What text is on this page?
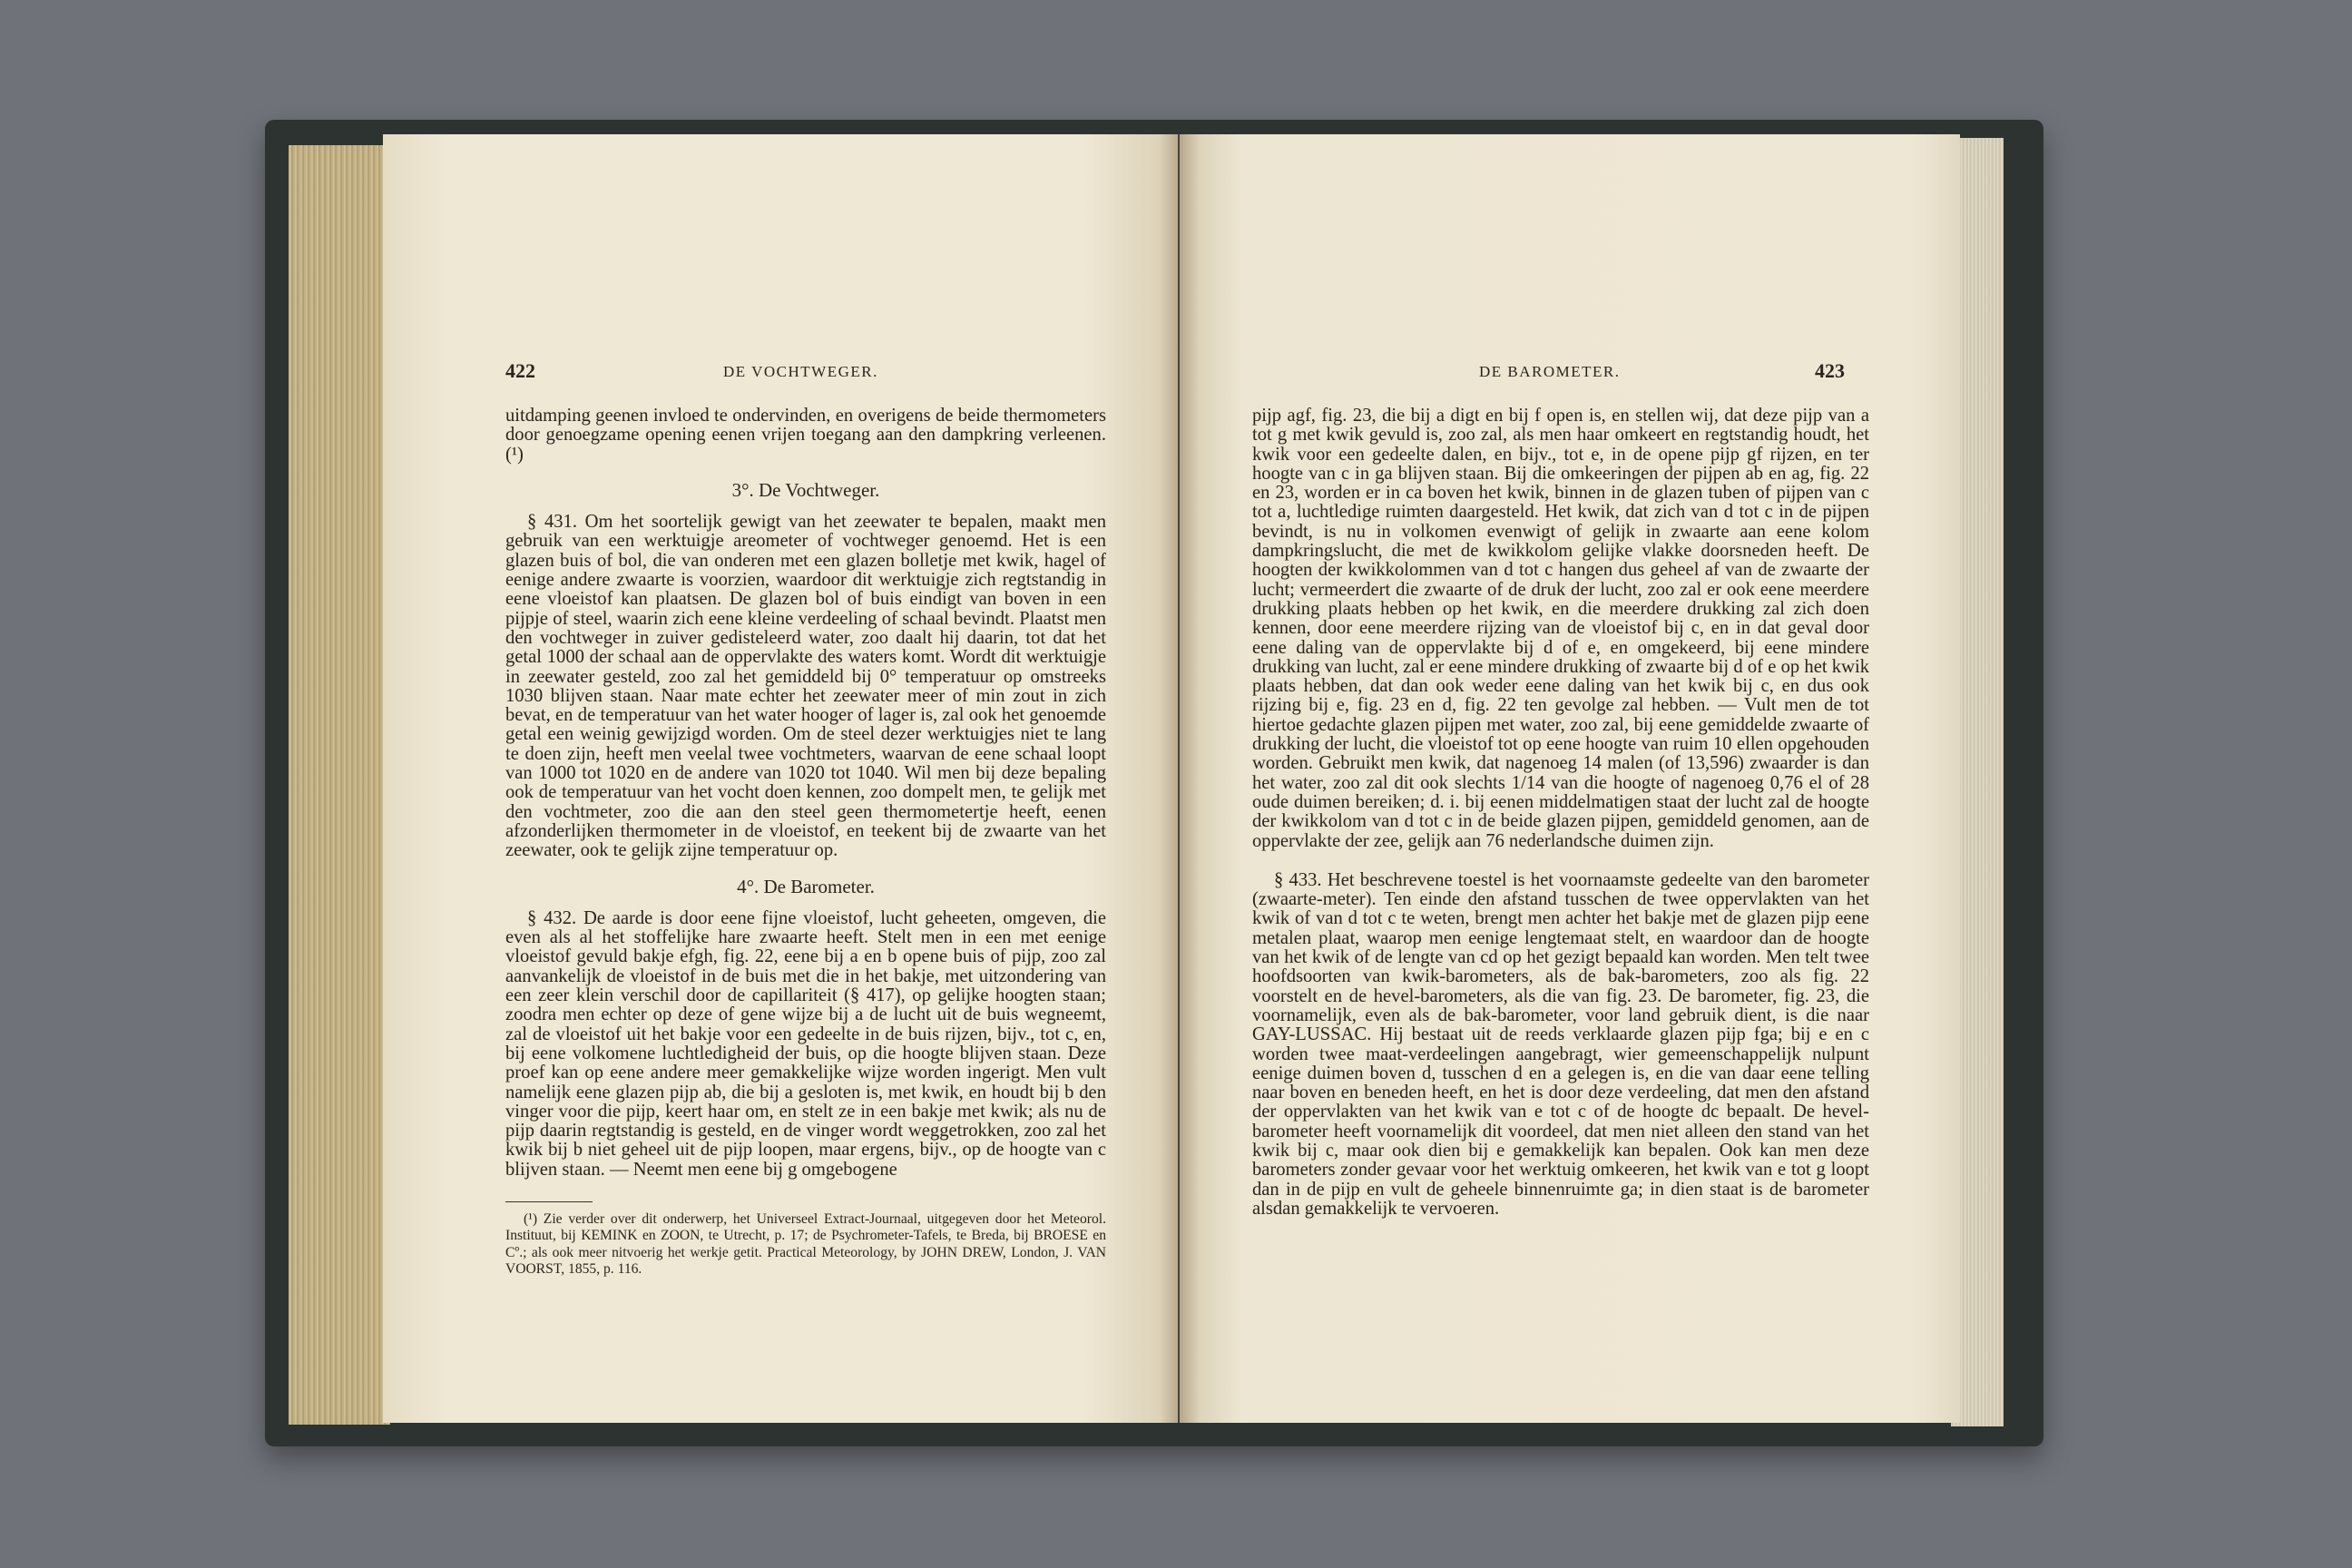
422	DE VOCHTWEGER.

uitdamping geenen invloed te ondervinden, en overigens de beide thermometers door genoegzame opening eenen vrijen toegang aan den dampkring verleenen. (¹)

3°. De Vochtweger.

§ 431. Om het soortelijk gewigt van het zeewater te bepalen, maakt men gebruik van een werktuigje areometer of vochtweger genoemd. Het is een glazen buis of bol, die van onderen met een glazen bolletje met kwik, hagel of eenige andere zwaarte is voorzien, waardoor dit werktuigje zich regtstandig in eene vloeistof kan plaatsen. De glazen bol of buis eindigt van boven in een pijpje of steel, waarin zich eene kleine verdeeling of schaal bevindt. Plaatst men den vochtweger in zuiver gedisteleerd water, zoo daalt hij daarin, tot dat het getal 1000 der schaal aan de oppervlakte des waters komt. Wordt dit werktuigje in zeewater gesteld, zoo zal het gemiddeld bij 0° temperatuur op omstreeks 1030 blijven staan. Naar mate echter het zeewater meer of min zout in zich bevat, en de temperatuur van het water hooger of lager is, zal ook het genoemde getal een weinig gewijzigd worden. Om de steel dezer werktuigjes niet te lang te doen zijn, heeft men veelal twee vochtmeters, waarvan de eene schaal loopt van 1000 tot 1020 en de andere van 1020 tot 1040. Wil men bij deze bepaling ook de temperatuur van het vocht doen kennen, zoo dompelt men, te gelijk met den vochtmeter, zoo die aan den steel geen thermometertje heeft, eenen afzonderlijken thermometer in de vloeistof, en teekent bij de zwaarte van het zeewater, ook te gelijk zijne temperatuur op.

4°. De Barometer.

§ 432. De aarde is door eene fijne vloeistof, lucht geheeten, omgeven, die even als al het stoffelijke hare zwaarte heeft. Stelt men in een met eenige vloeistof gevuld bakje efgh, fig. 22, eene bij a en b opene buis of pijp, zoo zal aanvankelijk de vloeistof in de buis met die in het bakje, met uitzondering van een zeer klein verschil door de capillariteit (§ 417), op gelijke hoogten staan; zoodra men echter op deze of gene wijze bij a de lucht uit de buis wegneemt, zal de vloeistof uit het bakje voor een gedeelte in de buis rijzen, bijv., tot c, en, bij eene volkomene luchtledigheid der buis, op die hoogte blijven staan. Deze proef kan op eene andere meer gemakkelijke wijze worden ingerigt. Men vult namelijk eene glazen pijp ab, die bij a gesloten is, met kwik, en houdt bij b den vinger voor die pijp, keert haar om, en stelt ze in een bakje met kwik; als nu de pijp daarin regtstandig is gesteld, en de vinger wordt weggetrokken, zoo zal het kwik bij b niet geheel uit de pijp loopen, maar ergens, bijv., op de hoogte van c blijven staan. — Neemt men eene bij g omgebogene

(¹) Zie verder over dit onderwerp, het Universeel Extract-Journaal, uitgegeven door het Meteorol. Instituut, bij KEMINK en ZOON, te Utrecht, p. 17; de Psychrometer-Tafels, te Breda, bij BROESE en Cº.; als ook meer nitvoerig het werkje getit. Practical Meteorology, by JOHN DREW, London, J. VAN VOORST, 1855, p. 116.

DE BAROMETER.	423

pijp agf, fig. 23, die bij a digt en bij f open is, en stellen wij, dat deze pijp van a tot g met kwik gevuld is, zoo zal, als men haar omkeert en regtstandig houdt, het kwik voor een gedeelte dalen, en bijv., tot e, in de opene pijp gf rijzen, en ter hoogte van c in ga blijven staan. Bij die omkeeringen der pijpen ab en ag, fig. 22 en 23, worden er in ca boven het kwik, binnen in de glazen tuben of pijpen van c tot a, luchtledige ruimten daargesteld. Het kwik, dat zich van d tot c in de pijpen bevindt, is nu in volkomen evenwigt of gelijk in zwaarte aan eene kolom dampkringslucht, die met de kwikkolom gelijke vlakke doorsneden heeft. De hoogten der kwikkolommen van d tot c hangen dus geheel af van de zwaarte der lucht; vermeerdert die zwaarte of de druk der lucht, zoo zal er ook eene meerdere drukking plaats hebben op het kwik, en die meerdere drukking zal zich doen kennen, door eene meerdere rijzing van de vloeistof bij c, en in dat geval door eene daling van de oppervlakte bij d of e, en omgekeerd, bij eene mindere drukking van lucht, zal er eene mindere drukking of zwaarte bij d of e op het kwik plaats hebben, dat dan ook weder eene daling van het kwik bij c, en dus ook rijzing bij e, fig. 23 en d, fig. 22 ten gevolge zal hebben. — Vult men de tot hiertoe gedachte glazen pijpen met water, zoo zal, bij eene gemiddelde zwaarte of drukking der lucht, die vloeistof tot op eene hoogte van ruim 10 ellen opgehouden worden. Gebruikt men kwik, dat nagenoeg 14 malen (of 13,596) zwaarder is dan het water, zoo zal dit ook slechts 1/14 van die hoogte of nagenoeg 0,76 el of 28 oude duimen bereiken; d. i. bij eenen middelmatigen staat der lucht zal de hoogte der kwikkolom van d tot c in de beide glazen pijpen, gemiddeld genomen, aan de oppervlakte der zee, gelijk aan 76 nederlandsche duimen zijn.

§ 433. Het beschrevene toestel is het voornaamste gedeelte van den barometer (zwaarte-meter). Ten einde den afstand tusschen de twee oppervlakten van het kwik of van d tot c te weten, brengt men achter het bakje met de glazen pijp eene metalen plaat, waarop men eenige lengtemaat stelt, en waardoor dan de hoogte van het kwik of de lengte van cd op het gezigt bepaald kan worden. Men telt twee hoofdsoorten van kwik-barometers, als de bak-barometers, zoo als fig. 22 voorstelt en de hevel-barometers, als die van fig. 23. De barometer, fig. 23, die voornamelijk, even als de bak-barometer, voor land gebruik dient, is die naar GAY-LUSSAC. Hij bestaat uit de reeds verklaarde glazen pijp fga; bij e en c worden twee maat-verdeelingen aangebragt, wier gemeenschappelijk nulpunt eenige duimen boven d, tusschen d en a gelegen is, en die van daar eene telling naar boven en beneden heeft, en het is door deze verdeeling, dat men den afstand der oppervlakten van het kwik van e tot c of de hoogte dc bepaalt. De hevel-barometer heeft voornamelijk dit voordeel, dat men niet alleen den stand van het kwik bij c, maar ook dien bij e gemakkelijk kan bepalen. Ook kan men deze barometers zonder gevaar voor het werktuig omkeeren, het kwik van e tot g loopt dan in de pijp en vult de geheele binnenruimte ga; in dien staat is de barometer alsdan gemakkelijk te vervoeren.
